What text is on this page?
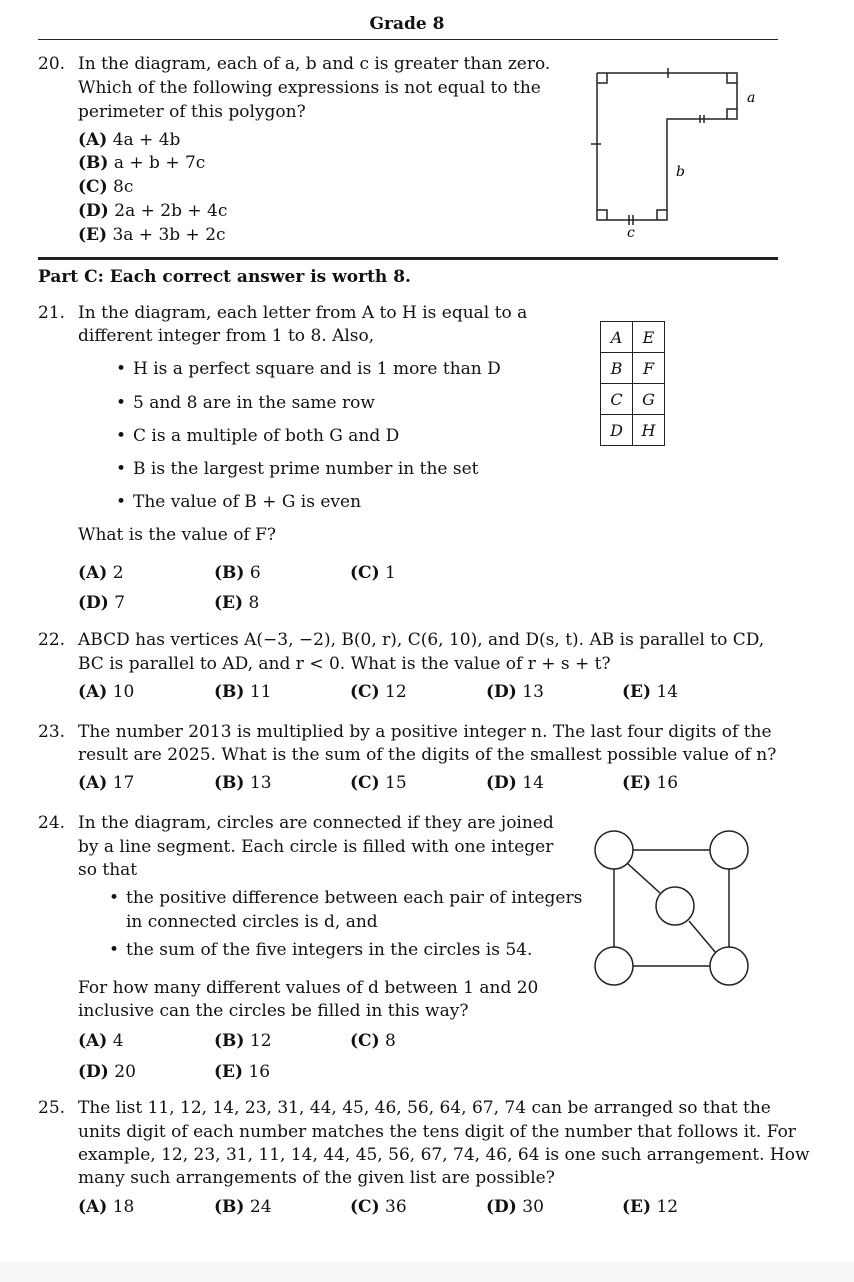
Grade 8
20. In the diagram, each of a, b and c is greater than zero.
Which of the following expressions is not equal to the
perimeter of this polygon?
(A) 4a + 4b
(B) a + b + 7c
(C) 8c
(D) 2a + 2b + 4c
(E) 3a + 3b + 2c
a
b
c
Part C: Each correct answer is worth 8.
21. In the diagram, each letter from A to H is equal to a
different integer from 1 to 8. Also,
• H is a perfect square and is 1 more than D
• 5 and 8 are in the same row
• C is a multiple of both G and D
• B is the largest prime number in the set
• The value of B + G is even
What is the value of F?
(A) 2	(B) 6	(C) 1
(D) 7	(E) 8
A	E
B	F
C	G
D	H
22. ABCD has vertices A(−3, −2), B(0, r), C(6, 10), and D(s, t). AB is parallel to CD,
BC is parallel to AD, and r < 0. What is the value of r + s + t?
(A) 10	(B) 11	(C) 12	(D) 13	(E) 14
23. The number 2013 is multiplied by a positive integer n. The last four digits of the
result are 2025. What is the sum of the digits of the smallest possible value of n?
(A) 17	(B) 13	(C) 15	(D) 14	(E) 16
24. In the diagram, circles are connected if they are joined
by a line segment. Each circle is filled with one integer
so that
• the positive difference between each pair of integers
in connected circles is d, and
• the sum of the five integers in the circles is 54.
For how many different values of d between 1 and 20
inclusive can the circles be filled in this way?
(A) 4	(B) 12	(C) 8
(D) 20	(E) 16
25. The list 11, 12, 14, 23, 31, 44, 45, 46, 56, 64, 67, 74 can be arranged so that the
units digit of each number matches the tens digit of the number that follows it. For
example, 12, 23, 31, 11, 14, 44, 45, 56, 67, 74, 46, 64 is one such arrangement. How
many such arrangements of the given list are possible?
(A) 18	(B) 24	(C) 36	(D) 30	(E) 12
